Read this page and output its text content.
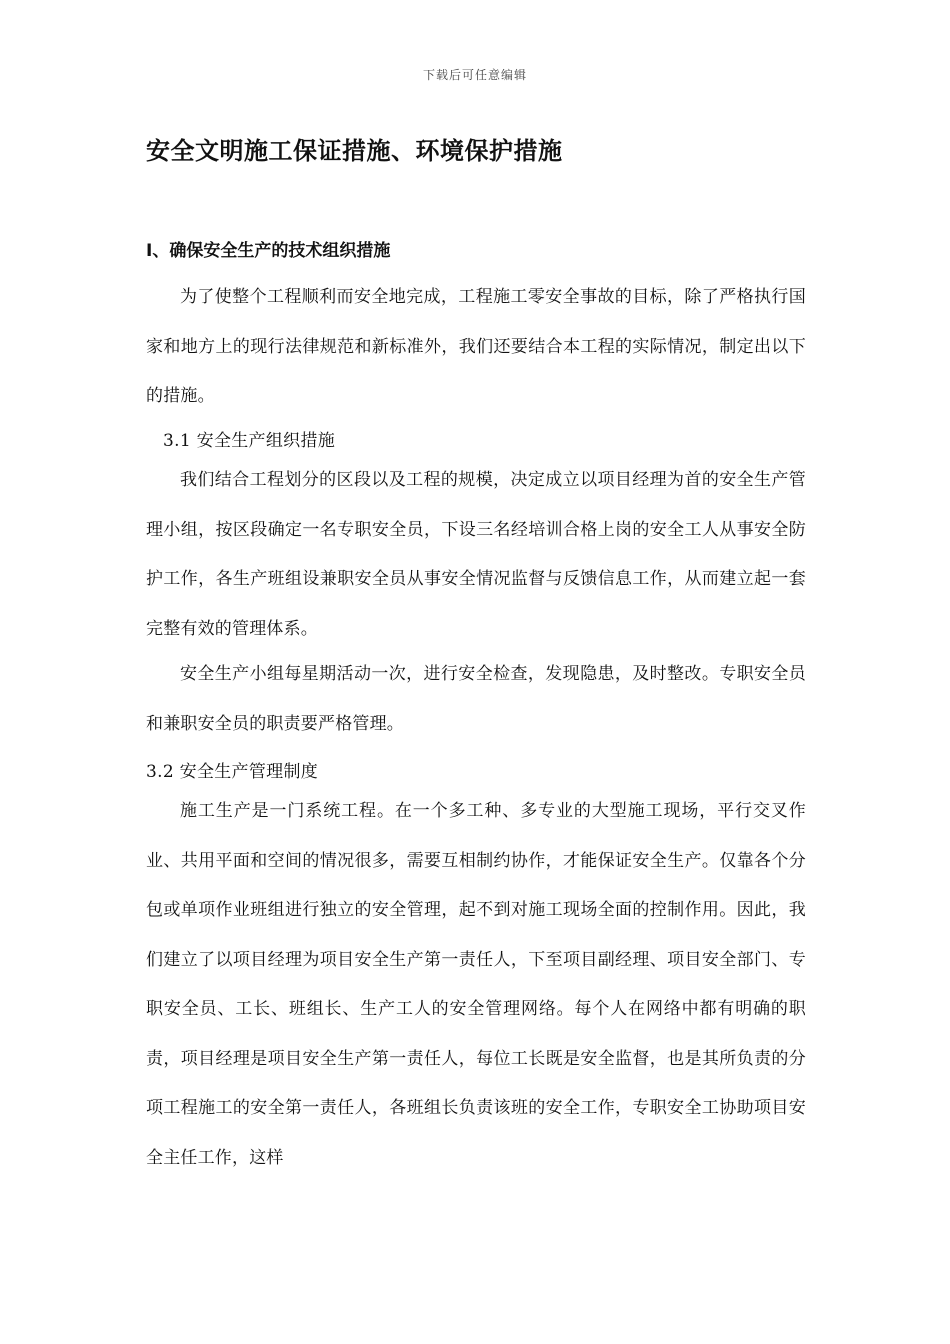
下载后可任意编辑
安全文明施工保证措施、环境保护措施
Ⅰ、确保安全生产的技术组织措施

为了使整个工程顺利而安全地完成，工程施工零安全事故的目标，除了严格执行国家和地方上的现行法律规范和新标准外，我们还要结合本工程的实际情况，制定出以下的措施。

3.1 安全生产组织措施

我们结合工程划分的区段以及工程的规模，决定成立以项目经理为首的安全生产管理小组，按区段确定一名专职安全员，下设三名经培训合格上岗的安全工人从事安全防护工作，各生产班组设兼职安全员从事安全情况监督与反馈信息工作，从而建立起一套完整有效的管理体系。

安全生产小组每星期活动一次，进行安全检查，发现隐患，及时整改。专职安全员和兼职安全员的职责要严格管理。

3.2 安全生产管理制度

施工生产是一门系统工程。在一个多工种、多专业的大型施工现场，平行交叉作业、共用平面和空间的情况很多，需要互相制约协作，才能保证安全生产。仅靠各个分包或单项作业班组进行独立的安全管理，起不到对施工现场全面的控制作用。因此，我们建立了以项目经理为项目安全生产第一责任人，下至项目副经理、项目安全部门、专职安全员、工长、班组长、生产工人的安全管理网络。每个人在网络中都有明确的职责，项目经理是项目安全生产第一责任人，每位工长既是安全监督，也是其所负责的分项工程施工的安全第一责任人，各班组长负责该班的安全工作，专职安全工协助项目安全主任工作，这样
